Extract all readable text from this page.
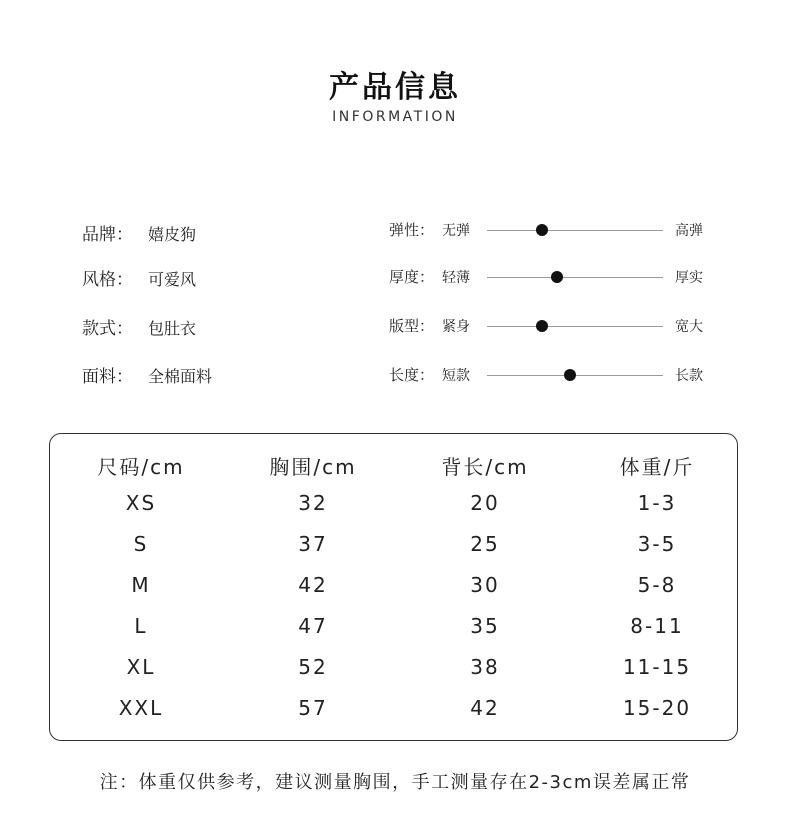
产品信息
INFORMATION
品牌： 嬉皮狗
风格： 可爱风
款式： 包肚衣
面料： 全棉面料
弹性： 无弹	高弹
厚度： 轻薄	厚实
版型： 紧身	宽大
长度： 短款	长款
尺码/cm	胸围/cm	背长/cm	体重/斤
XS	32	20	1-3
S	37	25	3-5
M	42	30	5-8
L	47	35	8-11
XL	52	38	11-15
XXL	57	42	15-20
注：体重仅供参考，建议测量胸围，手工测量存在2-3cm误差属正常
